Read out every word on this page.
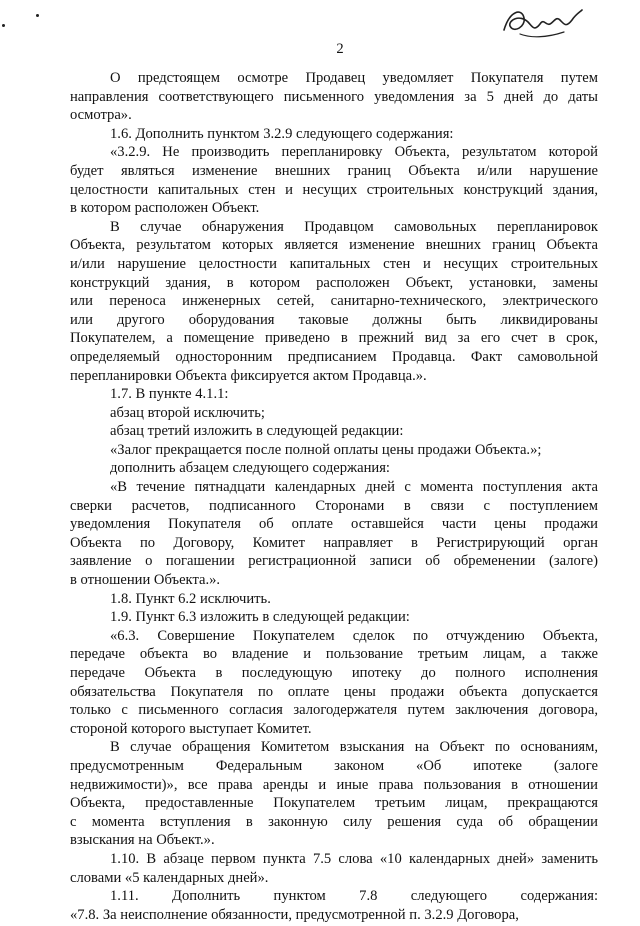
2
О предстоящем осмотре Продавец уведомляет Покупателя путем
направления соответствующего письменного уведомления за 5 дней до даты
осмотра».
1.6. Дополнить пунктом 3.2.9 следующего содержания:
«3.2.9. Не производить перепланировку Объекта, результатом которой
будет являться изменение внешних границ Объекта и/или нарушение
целостности капитальных стен и несущих строительных конструкций здания,
в котором расположен Объект.
В случае обнаружения Продавцом самовольных перепланировок
Объекта, результатом которых является изменение внешних границ Объекта
и/или нарушение целостности капитальных стен и несущих строительных
конструкций здания, в котором расположен Объект, установки, замены
или переноса инженерных сетей, санитарно-технического, электрического
или другого оборудования таковые должны быть ликвидированы
Покупателем, а помещение приведено в прежний вид за его счет в срок,
определяемый односторонним предписанием Продавца. Факт самовольной
перепланировки Объекта фиксируется актом Продавца.».
1.7. В пункте 4.1.1:
абзац второй исключить;
абзац третий изложить в следующей редакции:
«Залог прекращается после полной оплаты цены продажи Объекта.»;
дополнить абзацем следующего содержания:
«В течение пятнадцати календарных дней с момента поступления акта
сверки расчетов, подписанного Сторонами в связи с поступлением
уведомления Покупателя об оплате оставшейся части цены продажи
Объекта по Договору, Комитет направляет в Регистрирующий орган
заявление о погашении регистрационной записи об обременении (залоге)
в отношении Объекта.».
1.8. Пункт 6.2 исключить.
1.9. Пункт 6.3 изложить в следующей редакции:
«6.3. Совершение Покупателем сделок по отчуждению Объекта,
передаче объекта во владение и пользование третьим лицам, а также
передаче Объекта в последующую ипотеку до полного исполнения
обязательства Покупателя по оплате цены продажи объекта допускается
только с письменного согласия залогодержателя путем заключения договора,
стороной которого выступает Комитет.
В случае обращения Комитетом взыскания на Объект по основаниям,
предусмотренным Федеральным законом «Об ипотеке (залоге
недвижимости)», все права аренды и иные права пользования в отношении
Объекта, предоставленные Покупателем третьим лицам, прекращаются
с момента вступления в законную силу решения суда об обращении
взыскания на Объект.».
1.10. В абзаце первом пункта 7.5 слова «10 календарных дней» заменить
словами «5 календарных дней».
1.11. Дополнить пунктом 7.8 следующего содержания:
«7.8. За неисполнение обязанности, предусмотренной п. 3.2.9 Договора,
